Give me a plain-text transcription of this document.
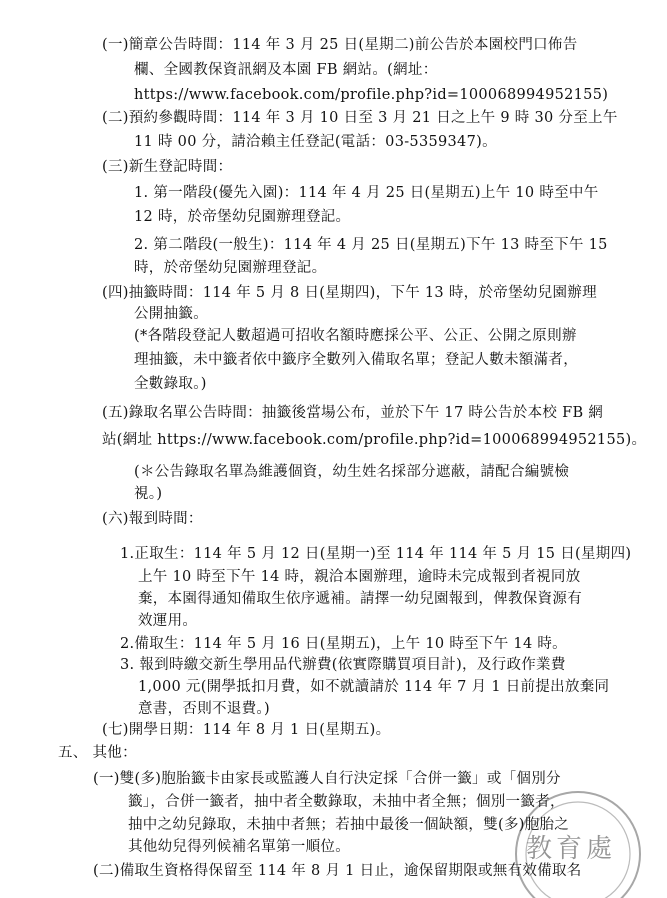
(一)簡章公告時間：114 年 3 月 25 日(星期二)前公告於本園校門口佈告
欄、全國教保資訊網及本園 FB 網站。(網址：
https://www.facebook.com/profile.php?id=100068994952155)
(二)預約參觀時間：114 年 3 月 10 日至 3 月 21 日之上午 9 時 30 分至上午
11 時 00 分，請洽賴主任登記(電話：03-5359347)。
(三)新生登記時間：
1. 第一階段(優先入園)：114 年 4 月 25 日(星期五)上午 10 時至中午
12 時，於帝堡幼兒園辦理登記。
2. 第二階段(一般生)：114 年 4 月 25 日(星期五)下午 13 時至下午 15
時，於帝堡幼兒園辦理登記。
(四)抽籤時間：114 年 5 月 8 日(星期四)，下午 13 時，於帝堡幼兒園辦理
公開抽籤。
(*各階段登記人數超過可招收名額時應採公平、公正、公開之原則辦
理抽籤，未中籤者依中籤序全數列入備取名單；登記人數未額滿者，
全數錄取。)
(五)錄取名單公告時間：抽籤後當場公布，並於下午 17 時公告於本校 FB 網
站(網址 https://www.facebook.com/profile.php?id=100068994952155)。
(＊公告錄取名單為維護個資，幼生姓名採部分遮蔽，請配合編號檢
視。)
(六)報到時間：
1.正取生：114 年 5 月 12 日(星期一)至 114 年 114 年 5 月 15 日(星期四)
上午 10 時至下午 14 時，親洽本園辦理，逾時未完成報到者視同放
棄，本園得通知備取生依序遞補。請擇一幼兒園報到，俾教保資源有
效運用。
2.備取生：114 年 5 月 16 日(星期五)，上午 10 時至下午 14 時。
3. 報到時繳交新生學用品代辦費(依實際購買項目計)，及行政作業費
1,000 元(開學抵扣月費，如不就讀請於 114 年 7 月 1 日前提出放棄同
意書，否則不退費。)
(七)開學日期：114 年 8 月 1 日(星期五)。
五、 其他：
(一)雙(多)胞胎籤卡由家長或監護人自行決定採「合併一籤」或「個別分
籤」，合併一籤者，抽中者全數錄取，未抽中者全無；個別一籤者，
抽中之幼兒錄取，未抽中者無；若抽中最後一個缺額，雙(多)胞胎之
其他幼兒得列候補名單第一順位。
(二)備取生資格得保留至 114 年 8 月 1 日止，逾保留期限或無有效備取名
教育處
